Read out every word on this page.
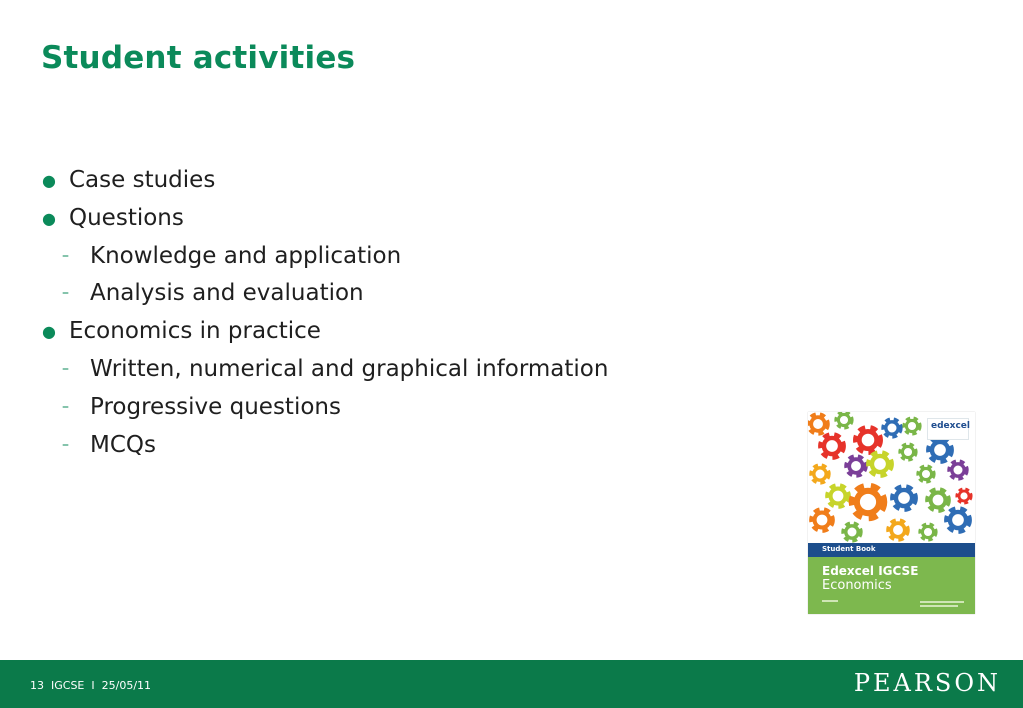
Student activities
● Case studies
● Questions
– Knowledge and application
– Analysis and evaluation
● Economics in practice
– Written, numerical and graphical information
– Progressive questions
– MCQs
edexcel
Student Book
Edexcel IGCSE
Economics
13 IGCSE I 25/05/11	PEARSON
